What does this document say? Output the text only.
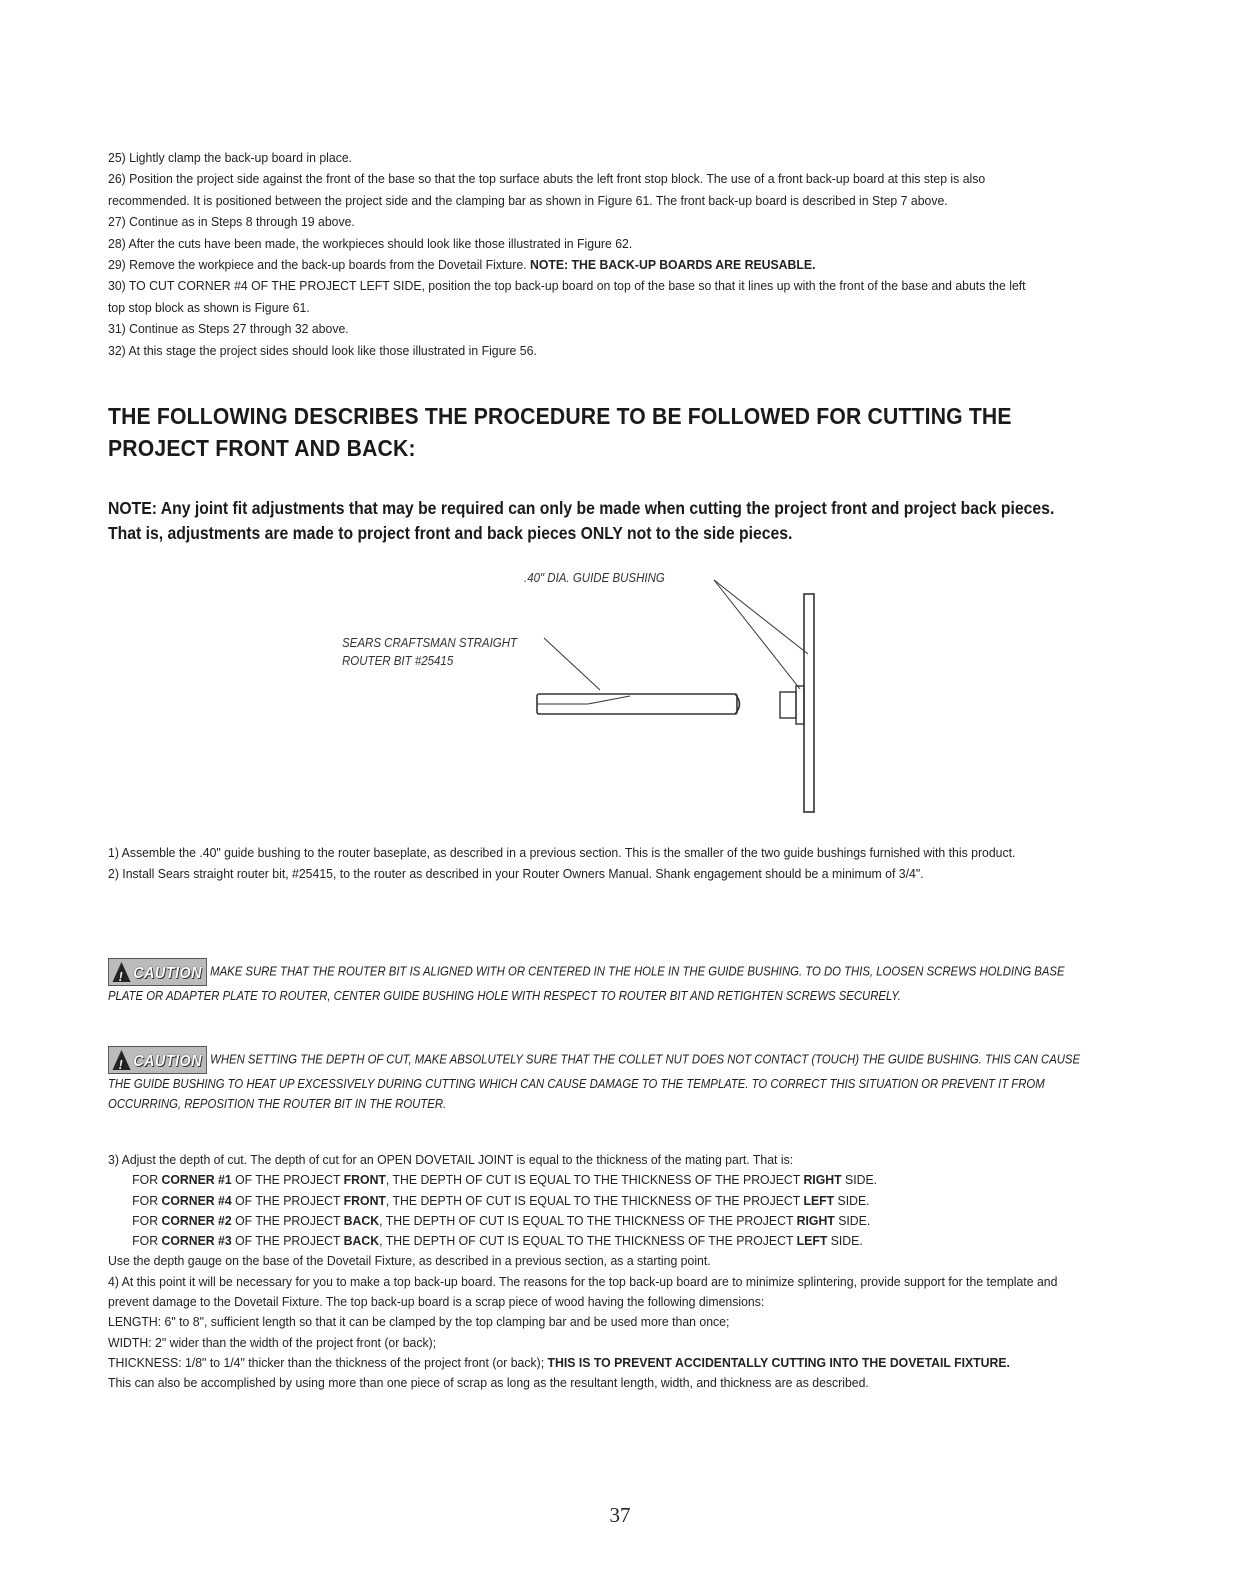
25) Lightly clamp the back-up board in place.

26) Position the project side against the front of the base so that the top surface abuts the left front stop block. The use of a front back-up board at this step is also recommended. It is positioned between the project side and the clamping bar as shown in Figure 61. The front back-up board is described in Step 7 above.

27) Continue as in Steps 8 through 19 above.

28) After the cuts have been made, the workpieces should look like those illustrated in Figure 62.

29) Remove the workpiece and the back-up boards from the Dovetail Fixture. NOTE: THE BACK-UP BOARDS ARE REUSABLE.

30) TO CUT CORNER #4 OF THE PROJECT LEFT SIDE, position the top back-up board on top of the base so that it lines up with the front of the base and abuts the left top stop block as shown is Figure 61.

31) Continue as Steps 27 through 32 above.

32) At this stage the project sides should look like those illustrated in Figure 56.

THE FOLLOWING DESCRIBES THE PROCEDURE TO BE FOLLOWED FOR CUTTING THE PROJECT FRONT AND BACK:

NOTE: Any joint fit adjustments that may be required can only be made when cutting the project front and project back pieces. That is, adjustments are made to project front and back pieces ONLY not to the side pieces.

.40" DIA. GUIDE BUSHING
SEARS CRAFTSMAN STRAIGHT
ROUTER BIT #25415

1) Assemble the .40" guide bushing to the router baseplate, as described in a previous section. This is the smaller of the two guide bushings furnished with this product.

2) Install Sears straight router bit, #25415, to the router as described in your Router Owners Manual. Shank engagement should be a minimum of 3/4".

! CAUTION MAKE SURE THAT THE ROUTER BIT IS ALIGNED WITH OR CENTERED IN THE HOLE IN THE GUIDE BUSHING. TO DO THIS, LOOSEN SCREWS HOLDING BASE PLATE OR ADAPTER PLATE TO ROUTER, CENTER GUIDE BUSHING HOLE WITH RESPECT TO ROUTER BIT AND RETIGHTEN SCREWS SECURELY.
! CAUTION WHEN SETTING THE DEPTH OF CUT, MAKE ABSOLUTELY SURE THAT THE COLLET NUT DOES NOT CONTACT (TOUCH) THE GUIDE BUSHING. THIS CAN CAUSE THE GUIDE BUSHING TO HEAT UP EXCESSIVELY DURING CUTTING WHICH CAN CAUSE DAMAGE TO THE TEMPLATE. TO CORRECT THIS SITUATION OR PREVENT IT FROM OCCURRING, REPOSITION THE ROUTER BIT IN THE ROUTER.

3) Adjust the depth of cut. The depth of cut for an OPEN DOVETAIL JOINT is equal to the thickness of the mating part. That is:

FOR CORNER #1 OF THE PROJECT FRONT, THE DEPTH OF CUT IS EQUAL TO THE THICKNESS OF THE PROJECT RIGHT SIDE.

FOR CORNER #4 OF THE PROJECT FRONT, THE DEPTH OF CUT IS EQUAL TO THE THICKNESS OF THE PROJECT LEFT SIDE.

FOR CORNER #2 OF THE PROJECT BACK, THE DEPTH OF CUT IS EQUAL TO THE THICKNESS OF THE PROJECT RIGHT SIDE.

FOR CORNER #3 OF THE PROJECT BACK, THE DEPTH OF CUT IS EQUAL TO THE THICKNESS OF THE PROJECT LEFT SIDE.

Use the depth gauge on the base of the Dovetail Fixture, as described in a previous section, as a starting point.

4) At this point it will be necessary for you to make a top back-up board. The reasons for the top back-up board are to minimize splintering, provide support for the template and prevent damage to the Dovetail Fixture. The top back-up board is a scrap piece of wood having the following dimensions:

LENGTH: 6" to 8", sufficient length so that it can be clamped by the top clamping bar and be used more than once;

WIDTH: 2" wider than the width of the project front (or back);

THICKNESS: 1/8" to 1/4" thicker than the thickness of the project front (or back); THIS IS TO PREVENT ACCIDENTALLY CUTTING INTO THE DOVETAIL FIXTURE.

This can also be accomplished by using more than one piece of scrap as long as the resultant length, width, and thickness are as described.

37
